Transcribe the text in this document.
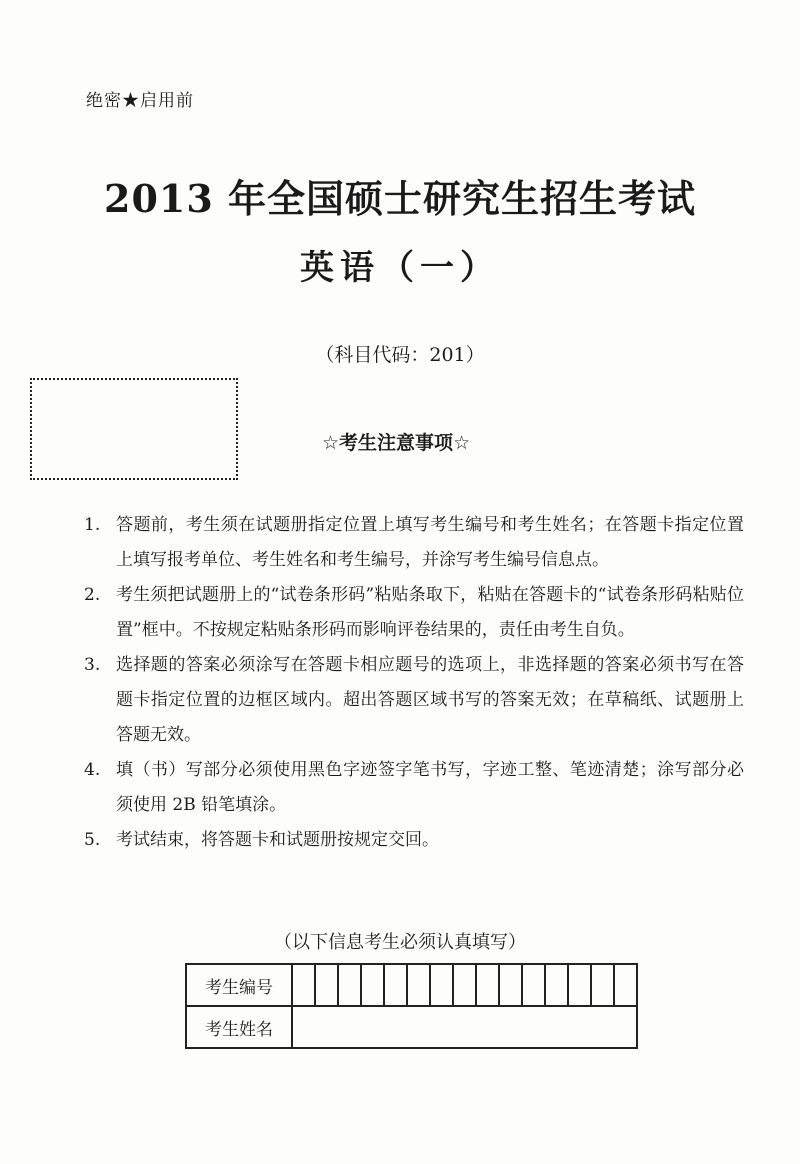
绝密★启用前
2013 年全国硕士研究生招生考试
英语（一）
（科目代码：201）
☆考生注意事项☆
1. 答题前，考生须在试题册指定位置上填写考生编号和考生姓名；在答题卡指定位置上填写报考单位、考生姓名和考生编号，并涂写考生编号信息点。
2. 考生须把试题册上的“试卷条形码”粘贴条取下，粘贴在答题卡的“试卷条形码粘贴位置”框中。不按规定粘贴条形码而影响评卷结果的，责任由考生自负。
3. 选择题的答案必须涂写在答题卡相应题号的选项上，非选择题的答案必须书写在答题卡指定位置的边框区域内。超出答题区域书写的答案无效；在草稿纸、试题册上答题无效。
4. 填（书）写部分必须使用黑色字迹签字笔书写，字迹工整、笔迹清楚；涂写部分必须使用 2B 铅笔填涂。
5. 考试结束，将答题卡和试题册按规定交回。
（以下信息考生必须认真填写）
考生编号															
考生姓名															
